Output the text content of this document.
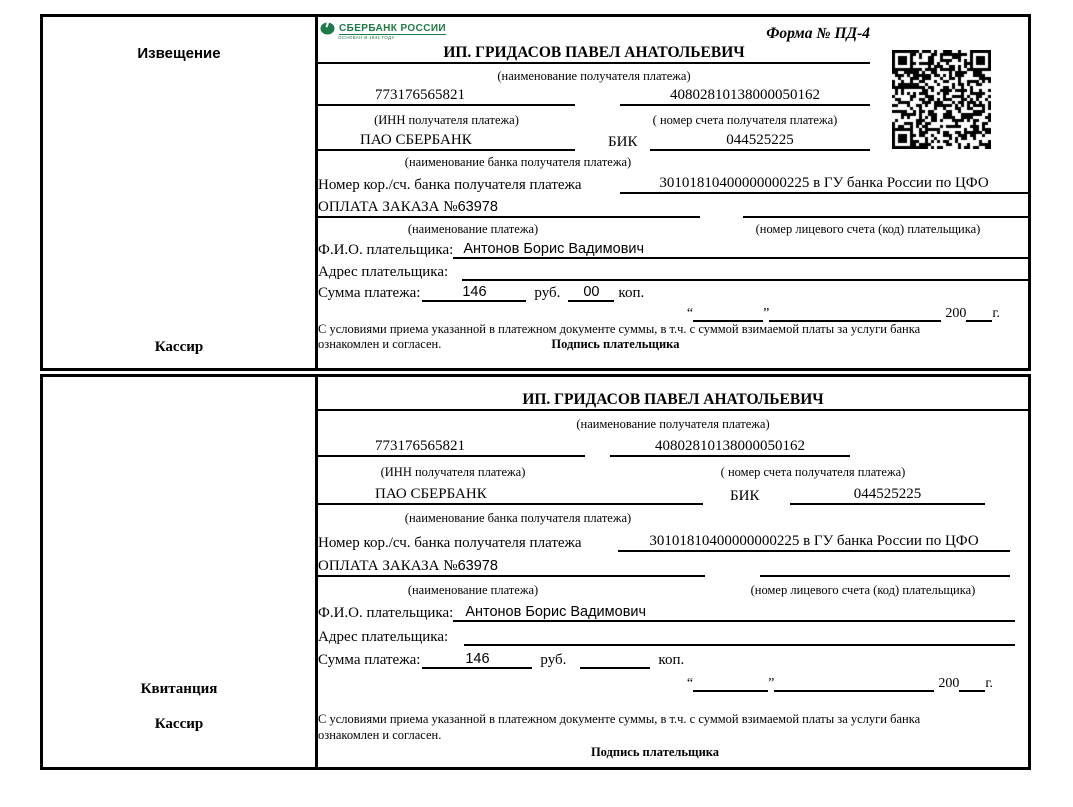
Извещение
Кассир
СБЕРБАНК РОССИИ
ОСНОВАН В 1841 ГОДУ	Форма № ПД-4
ИП. ГРИДАСОВ ПАВЕЛ АНАТОЛЬЕВИЧ
(наименование получателя платежа)
773176565821	40802810138000050162
(ИНН получателя платежа)	( номер счета получателя платежа)
ПАО СБЕРБАНК	БИК	044525225
(наименование банка получателя платежа)
Номер кор./сч. банка получателя платежа	30101810400000000225 в ГУ банка России по ЦФО
ОПЛАТА ЗАКАЗА №63978
(наименование платежа)	(номер лицевого счета (код) плательщика)
Ф.И.О. плательщика: Антонов Борис Вадимович
Адрес плательщика:
Сумма платежа:	146	руб.	00	коп.
“	”	200 г.
С условиями приема указанной в платежном документе суммы, в т.ч. с суммой взимаемой платы за услуги банка
ознакомлен и согласен.	Подпись плательщика
Квитанция
Кассир
ИП. ГРИДАСОВ ПАВЕЛ АНАТОЛЬЕВИЧ
(наименование получателя платежа)
773176565821	40802810138000050162
(ИНН получателя платежа)	( номер счета получателя платежа)
ПАО СБЕРБАНК	БИК	044525225
(наименование банка получателя платежа)
Номер кор./сч. банка получателя платежа	30101810400000000225 в ГУ банка России по ЦФО
ОПЛАТА ЗАКАЗА №63978
(наименование платежа)	(номер лицевого счета (код) плательщика)
Ф.И.О. плательщика: Антонов Борис Вадимович
Адрес плательщика:
Сумма платежа:	146	руб.	коп.
“	”	200 г.
С условиями приема указанной в платежном документе суммы, в т.ч. с суммой взимаемой платы за услуги банка
ознакомлен и согласен.
Подпись плательщика
